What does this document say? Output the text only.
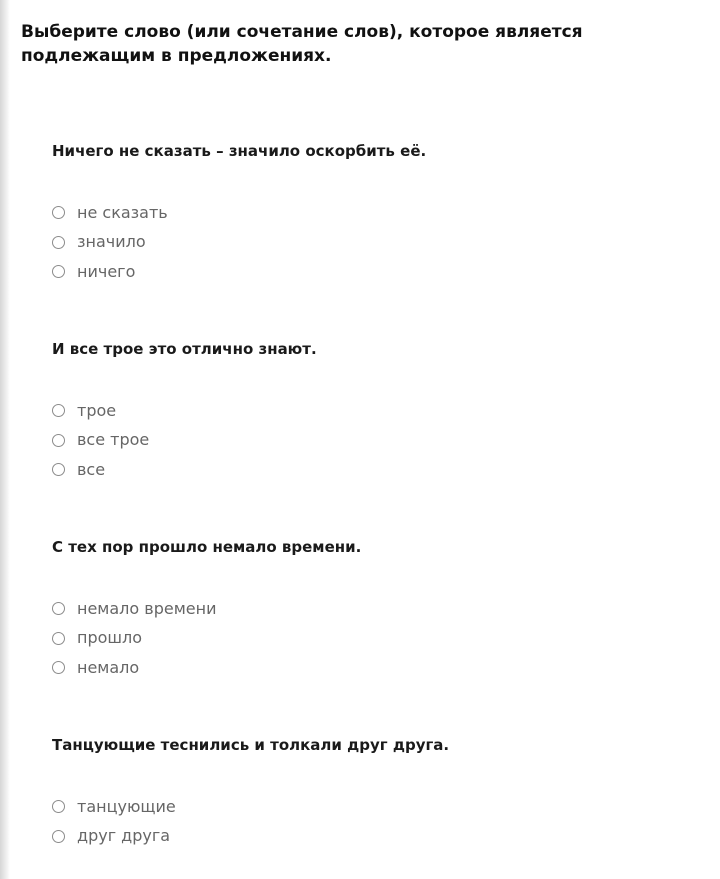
Выберите слово (или сочетание слов), которое является подлежащим в предложениях.

Ничего не сказать – значило оскорбить её.

не сказать
значило
ничего

И все трое это отлично знают.

трое
все трое
все

С тех пор прошло немало времени.

немало времени
прошло
немало

Танцующие теснились и толкали друг друга.

танцующие
друг друга
